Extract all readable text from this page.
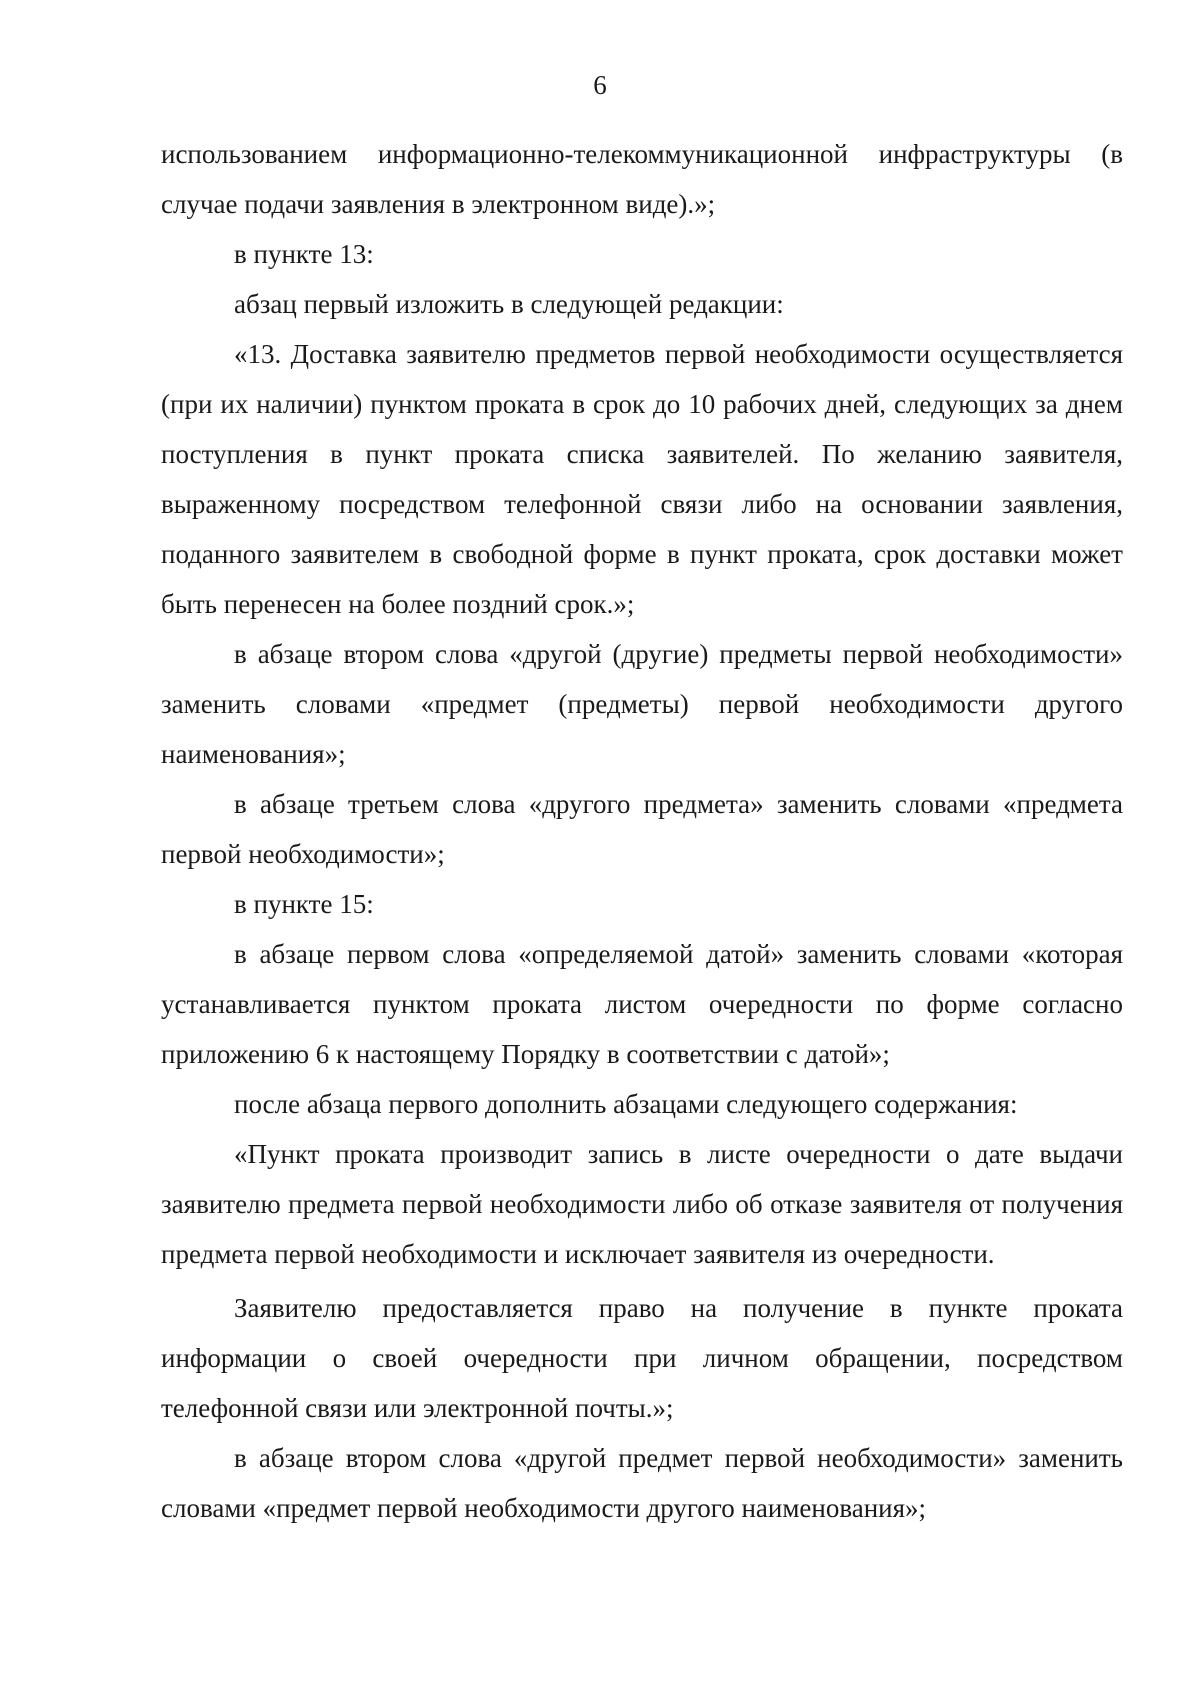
6

использованием информационно-телекоммуникационной инфраструктуры (в случае подачи заявления в электронном виде).»;

в пункте 13:

абзац первый изложить в следующей редакции:

«13. Доставка заявителю предметов первой необходимости осуществляется (при их наличии) пунктом проката в срок до 10 рабочих дней, следующих за днем поступления в пункт проката списка заявителей. По желанию заявителя, выраженному посредством телефонной связи либо на основании заявления, поданного заявителем в свободной форме в пункт проката, срок доставки может быть перенесен на более поздний срок.»;

в абзаце втором слова «другой (другие) предметы первой необходимости» заменить словами «предмет (предметы) первой необходимости другого наименования»;

в абзаце третьем слова «другого предмета» заменить словами «предмета первой необходимости»;

в пункте 15:

в абзаце первом слова «определяемой датой» заменить словами «которая устанавливается пунктом проката листом очередности по форме согласно приложению 6 к настоящему Порядку в соответствии с датой»;

после абзаца первого дополнить абзацами следующего содержания:

«Пункт проката производит запись в листе очередности о дате выдачи заявителю предмета первой необходимости либо об отказе заявителя от получения предмета первой необходимости и исключает заявителя из очередности.

Заявителю предоставляется право на получение в пункте проката информации о своей очередности при личном обращении, посредством телефонной связи или электронной почты.»;

в абзаце втором слова «другой предмет первой необходимости» заменить словами «предмет первой необходимости другого наименования»;
